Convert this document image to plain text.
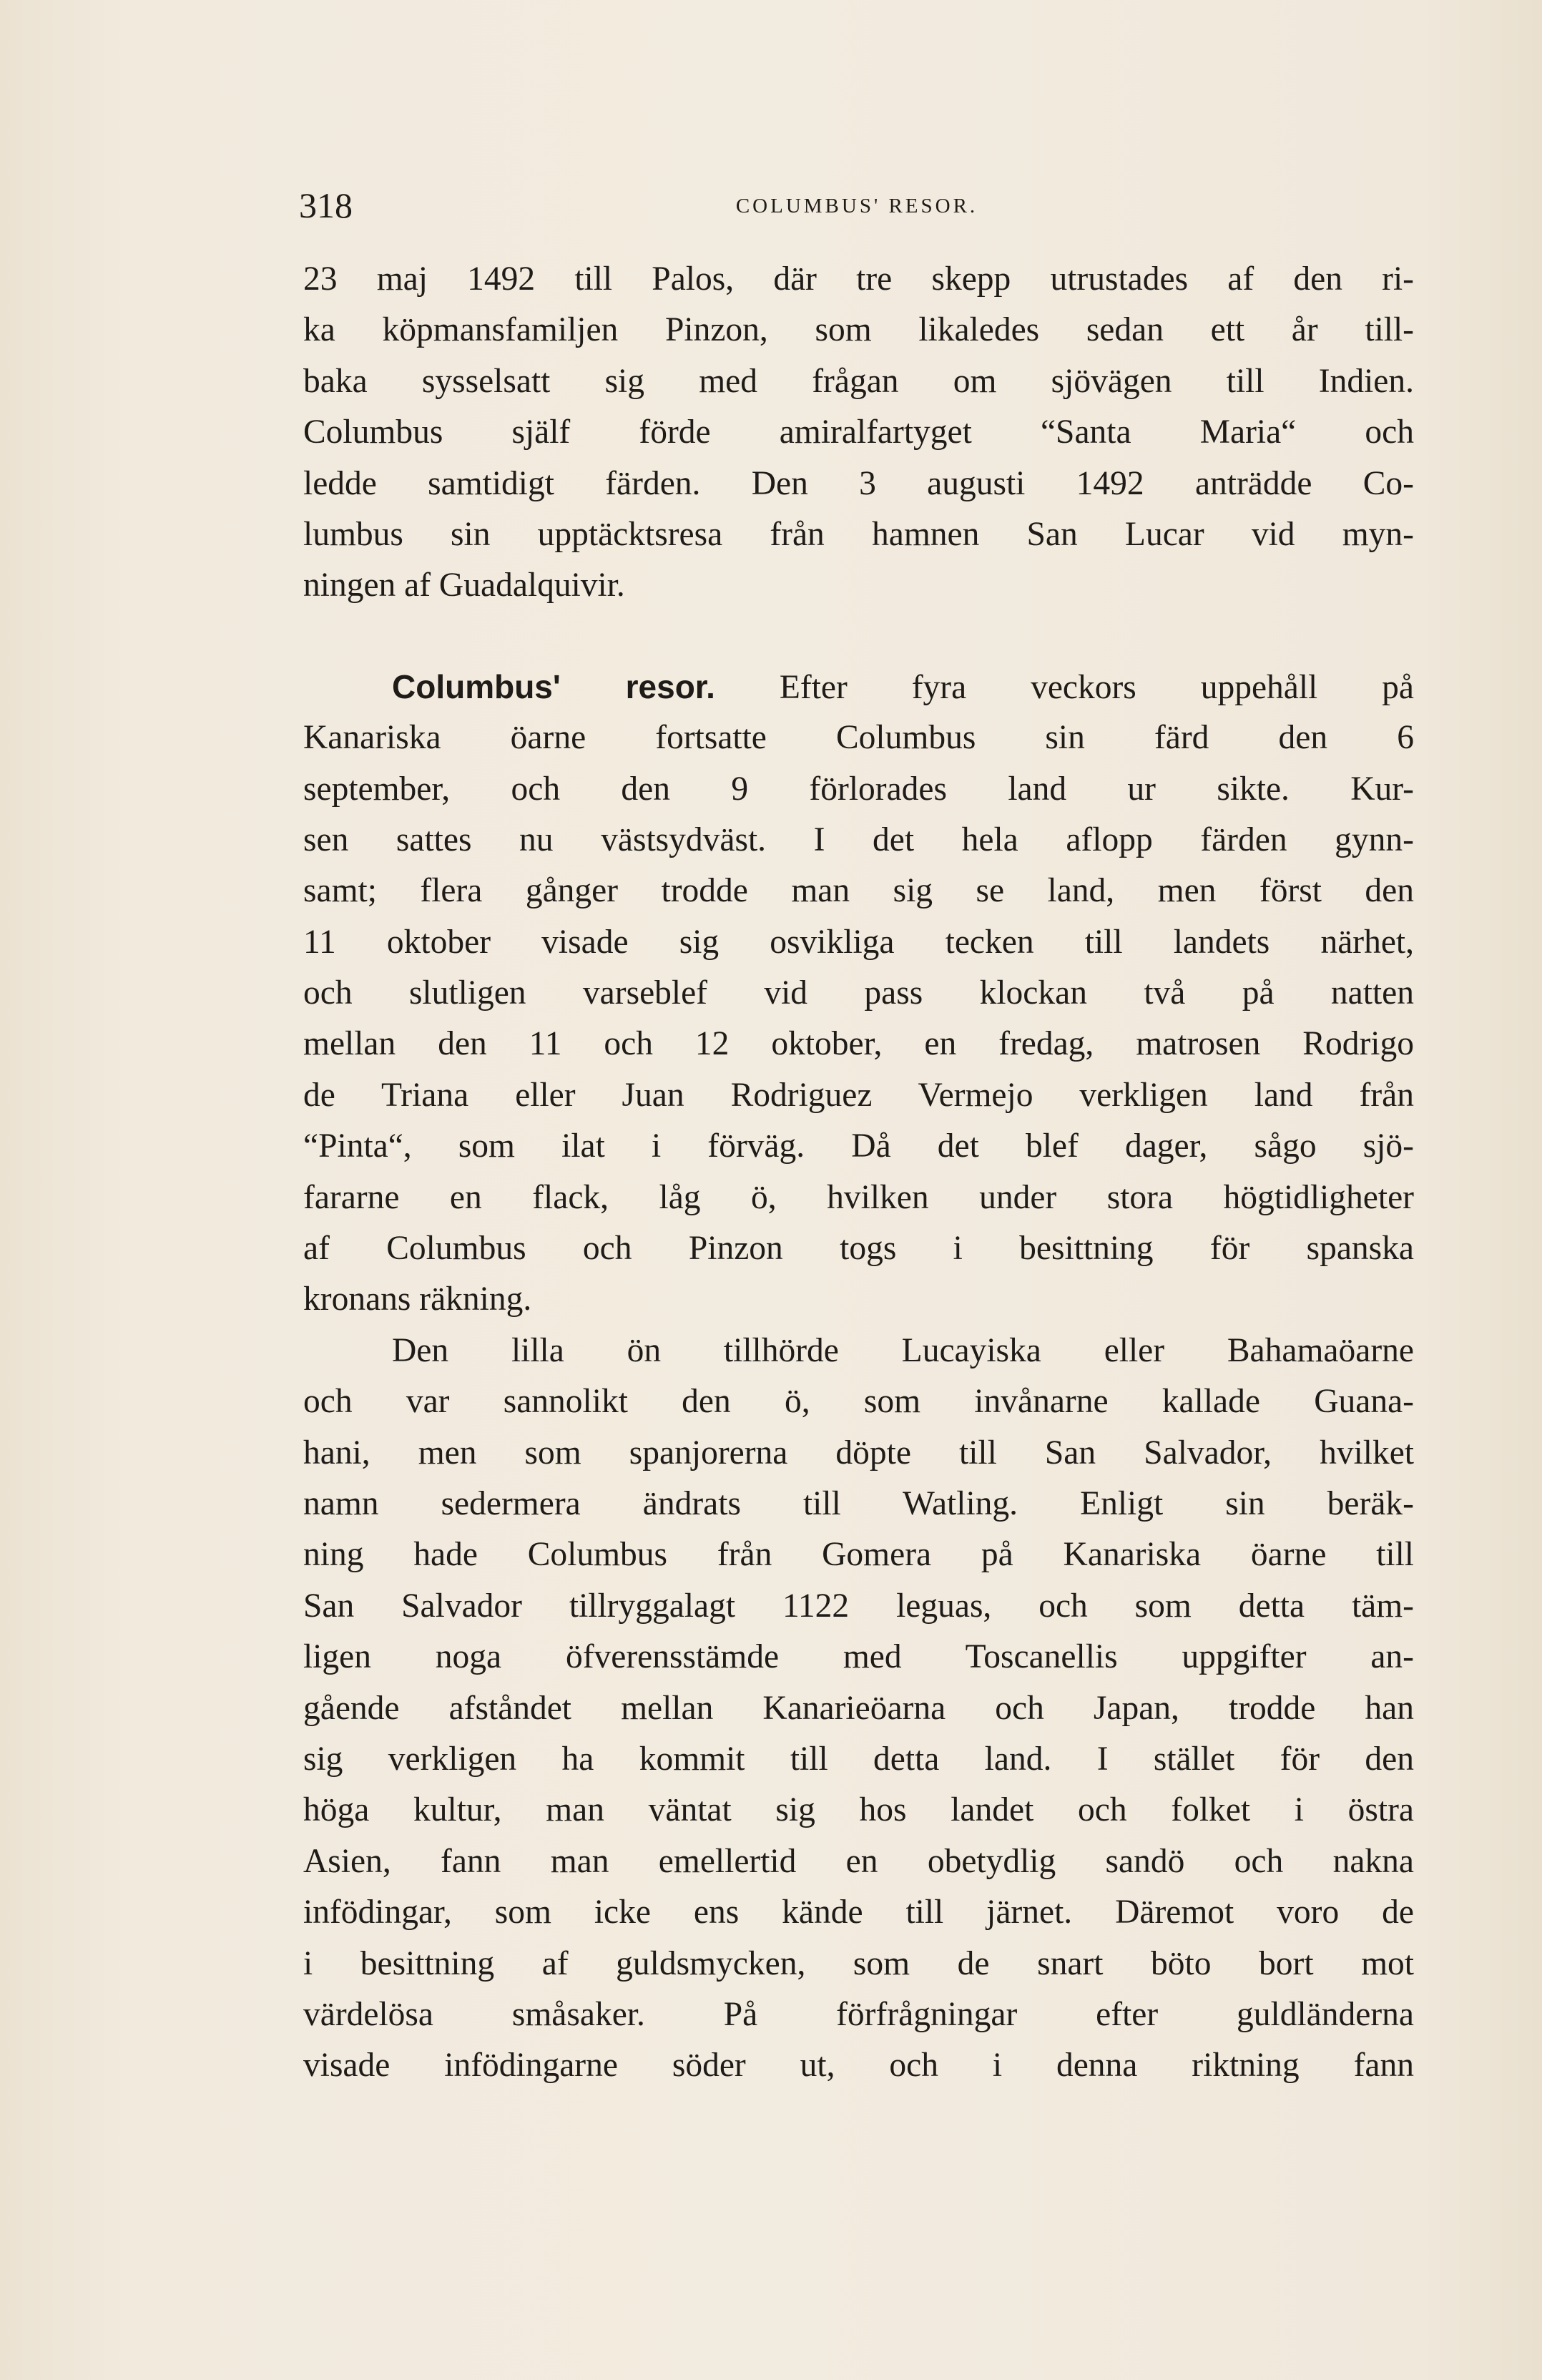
318	COLUMBUS' RESOR.
23 maj 1492 till Palos, där tre skepp utrustades af den ri-
ka köpmansfamiljen Pinzon, som likaledes sedan ett år till-
baka sysselsatt sig med frågan om sjövägen till Indien.
Columbus själf förde amiralfartyget “Santa Maria“ och
ledde samtidigt färden. Den 3 augusti 1492 anträdde Co-
lumbus sin upptäcktsresa från hamnen San Lucar vid myn-
ningen af Guadalquivir.
Columbus' resor. Efter fyra veckors uppehåll på
Kanariska öarne fortsatte Columbus sin färd den 6
september, och den 9 förlorades land ur sikte. Kur-
sen sattes nu västsydväst. I det hela aflopp färden gynn-
samt; flera gånger trodde man sig se land, men först den
11 oktober visade sig osvikliga tecken till landets närhet,
och slutligen varseblef vid pass klockan två på natten
mellan den 11 och 12 oktober, en fredag, matrosen Rodrigo
de Triana eller Juan Rodriguez Vermejo verkligen land från
“Pinta“, som ilat i förväg. Då det blef dager, sågo sjö-
fararne en flack, låg ö, hvilken under stora högtidligheter
af Columbus och Pinzon togs i besittning för spanska
kronans räkning.
Den lilla ön tillhörde Lucayiska eller Bahamaöarne
och var sannolikt den ö, som invånarne kallade Guana-
hani, men som spanjorerna döpte till San Salvador, hvilket
namn sedermera ändrats till Watling. Enligt sin beräk-
ning hade Columbus från Gomera på Kanariska öarne till
San Salvador tillryggalagt 1122 leguas, och som detta täm-
ligen noga öfverensstämde med Toscanellis uppgifter an-
gående afståndet mellan Kanarieöarna och Japan, trodde han
sig verkligen ha kommit till detta land. I stället för den
höga kultur, man väntat sig hos landet och folket i östra
Asien, fann man emellertid en obetydlig sandö och nakna
infödingar, som icke ens kände till järnet. Däremot voro de
i besittning af guldsmycken, som de snart böto bort mot
värdelösa småsaker. På förfrågningar efter guldländerna
visade infödingarne söder ut, och i denna riktning fann
